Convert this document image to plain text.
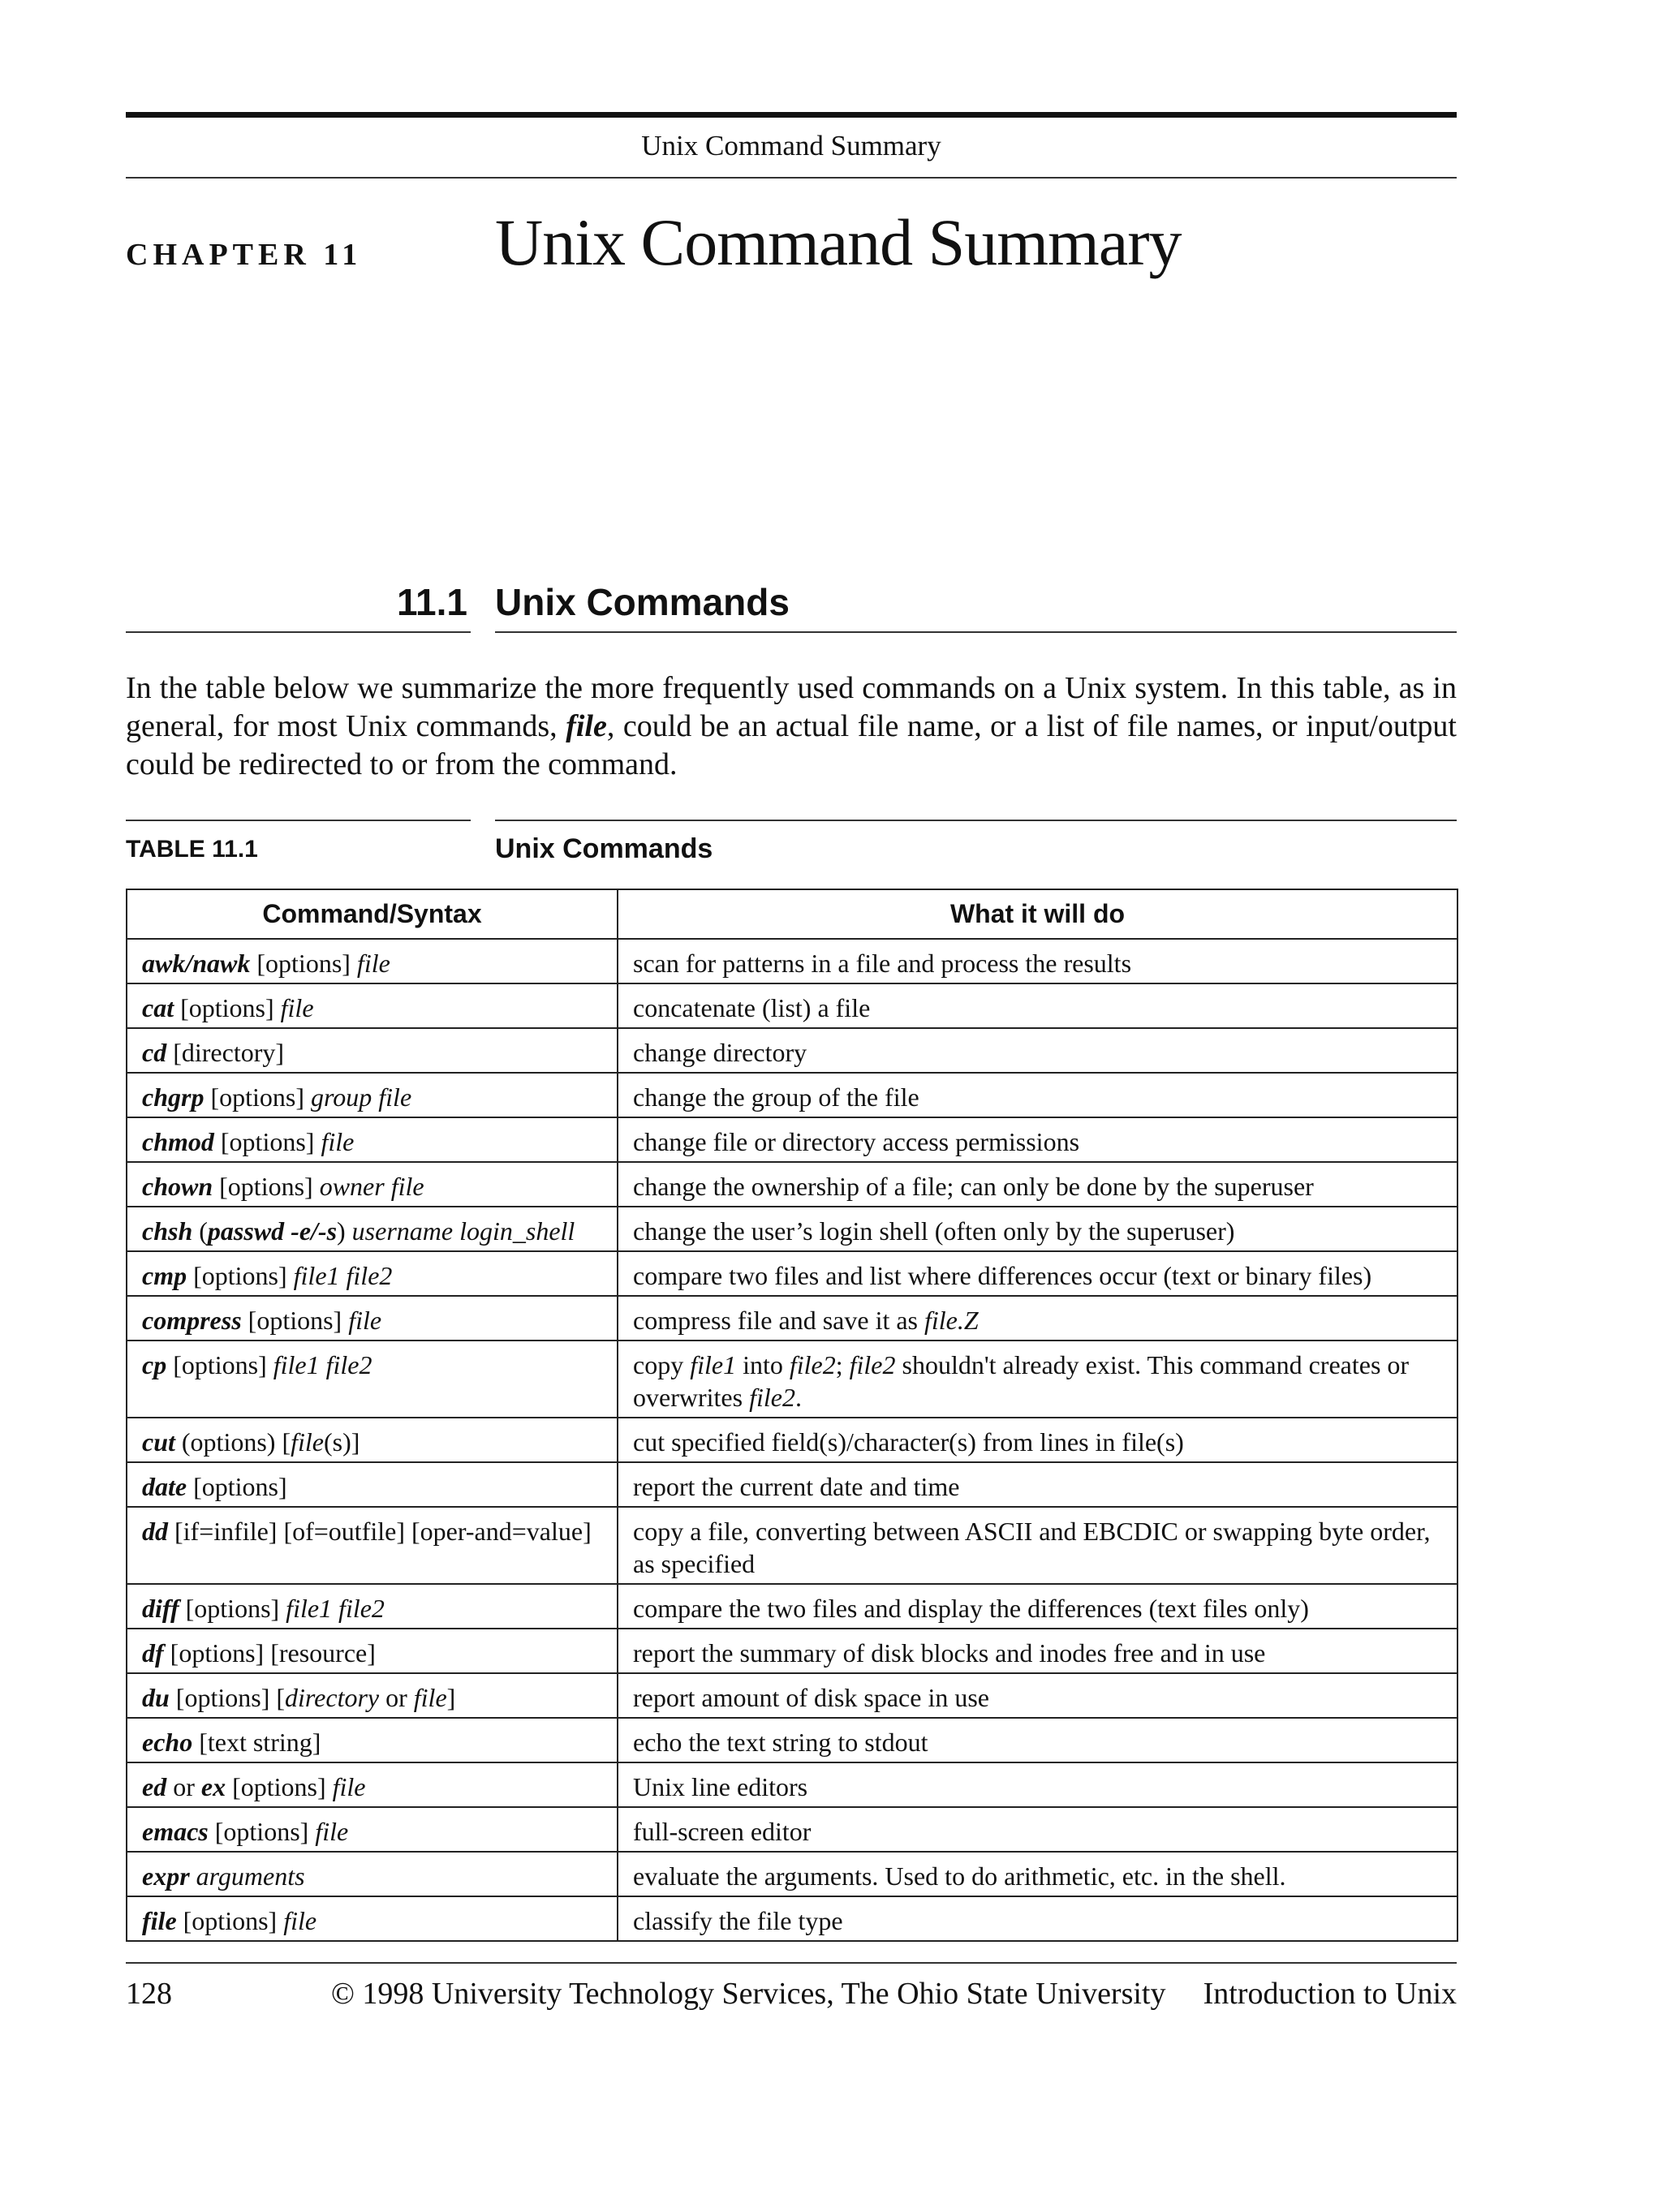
Unix Command Summary
CHAPTER 11 Unix Command Summary
11.1 Unix Commands

In the table below we summarize the more frequently used commands on a Unix system. In this table, as in general, for most Unix commands, file, could be an actual file name, or a list of file names, or input/output could be redirected to or from the command.

TABLE 11.1	Unix Commands
Command/Syntax	What it will do
awk/nawk [options] file	scan for patterns in a file and process the results
cat [options] file	concatenate (list) a file
cd [directory]	change directory
chgrp [options] group file	change the group of the file
chmod [options] file	change file or directory access permissions
chown [options] owner file	change the ownership of a file; can only be done by the superuser
chsh (passwd -e/-s) username login_shell	change the user’s login shell (often only by the superuser)
cmp [options] file1 file2	compare two files and list where differences occur (text or binary files)
compress [options] file	compress file and save it as file.Z
cp [options] file1 file2	copy file1 into file2; file2 shouldn't already exist. This command creates or overwrites file2.
cut (options) [file(s)]	cut specified field(s)/character(s) from lines in file(s)
date [options]	report the current date and time
dd [if=infile] [of=outfile] [oper-and=value]	copy a file, converting between ASCII and EBCDIC or swapping byte order, as specified
diff [options] file1 file2	compare the two files and display the differences (text files only)
df [options] [resource]	report the summary of disk blocks and inodes free and in use
du [options] [directory or file]	report amount of disk space in use
echo [text string]	echo the text string to stdout
ed or ex [options] file	Unix line editors
emacs [options] file	full-screen editor
expr arguments	evaluate the arguments. Used to do arithmetic, etc. in the shell.
file [options] file	classify the file type
128	© 1998 University Technology Services, The Ohio State University Introduction to Unix
